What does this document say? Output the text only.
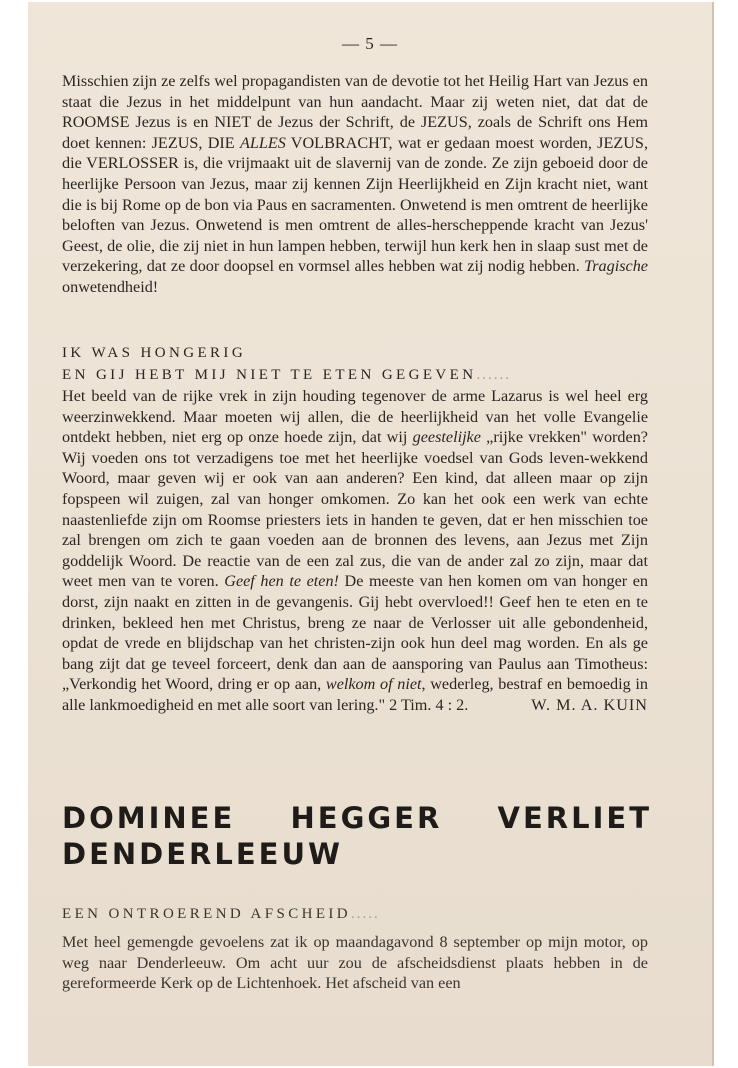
— 5 —

Misschien zijn ze zelfs wel propagandisten van de devotie tot het Heilig Hart van Jezus en staat die Jezus in het middelpunt van hun aandacht. Maar zij weten niet, dat dat de ROOMSE Jezus is en NIET de Jezus der Schrift, de JEZUS, zoals de Schrift ons Hem doet kennen: JEZUS, DIE ALLES VOLBRACHT, wat er gedaan moest worden, JEZUS, die VERLOSSER is, die vrijmaakt uit de slavernij van de zonde. Ze zijn geboeid door de heerlijke Persoon van Jezus, maar zij kennen Zijn Heerlijkheid en Zijn kracht niet, want die is bij Rome op de bon via Paus en sacramenten. Onwetend is men omtrent de heerlijke beloften van Jezus. Onwetend is men omtrent de alles-herscheppende kracht van Jezus' Geest, de olie, die zij niet in hun lampen hebben, terwijl hun kerk hen in slaap sust met de verzekering, dat ze door doopsel en vormsel alles hebben wat zij nodig hebben. Tragische onwetendheid!

IK WAS HONGERIG
EN GIJ HEBT MIJ NIET TE ETEN GEGEVEN......

Het beeld van de rijke vrek in zijn houding tegenover de arme Lazarus is wel heel erg weerzinwekkend. Maar moeten wij allen, die de heerlijkheid van het volle Evangelie ontdekt hebben, niet erg op onze hoede zijn, dat wij geestelijke „rijke vrekken" worden? Wij voeden ons tot verzadigens toe met het heerlijke voedsel van Gods leven-wekkend Woord, maar geven wij er ook van aan anderen? Een kind, dat alleen maar op zijn fopspeen wil zuigen, zal van honger omkomen. Zo kan het ook een werk van echte naastenliefde zijn om Roomse priesters iets in handen te geven, dat er hen misschien toe zal brengen om zich te gaan voeden aan de bronnen des levens, aan Jezus met Zijn goddelijk Woord. De reactie van de een zal zus, die van de ander zal zo zijn, maar dat weet men van te voren. Geef hen te eten! De meeste van hen komen om van honger en dorst, zijn naakt en zitten in de gevangenis. Gij hebt overvloed!! Geef hen te eten en te drinken, bekleed hen met Christus, breng ze naar de Verlosser uit alle gebondenheid, opdat de vrede en blijdschap van het christen-zijn ook hun deel mag worden. En als ge bang zijt dat ge teveel forceert, denk dan aan de aansporing van Paulus aan Timotheus: „Verkondig het Woord, dring er op aan, welkom of niet, wederleg, bestraf en bemoedig in alle lankmoedigheid en met alle soort van lering." 2 Tim. 4 : 2.	W. M. A. KUIN

DOMINEE HEGGER VERLIET
DENDERLEEUW
EEN ONTROEREND AFSCHEID.....

Met heel gemengde gevoelens zat ik op maandagavond 8 september op mijn motor, op weg naar Denderleeuw. Om acht uur zou de afscheidsdienst plaats hebben in de gereformeerde Kerk op de Lichtenhoek. Het afscheid van een
